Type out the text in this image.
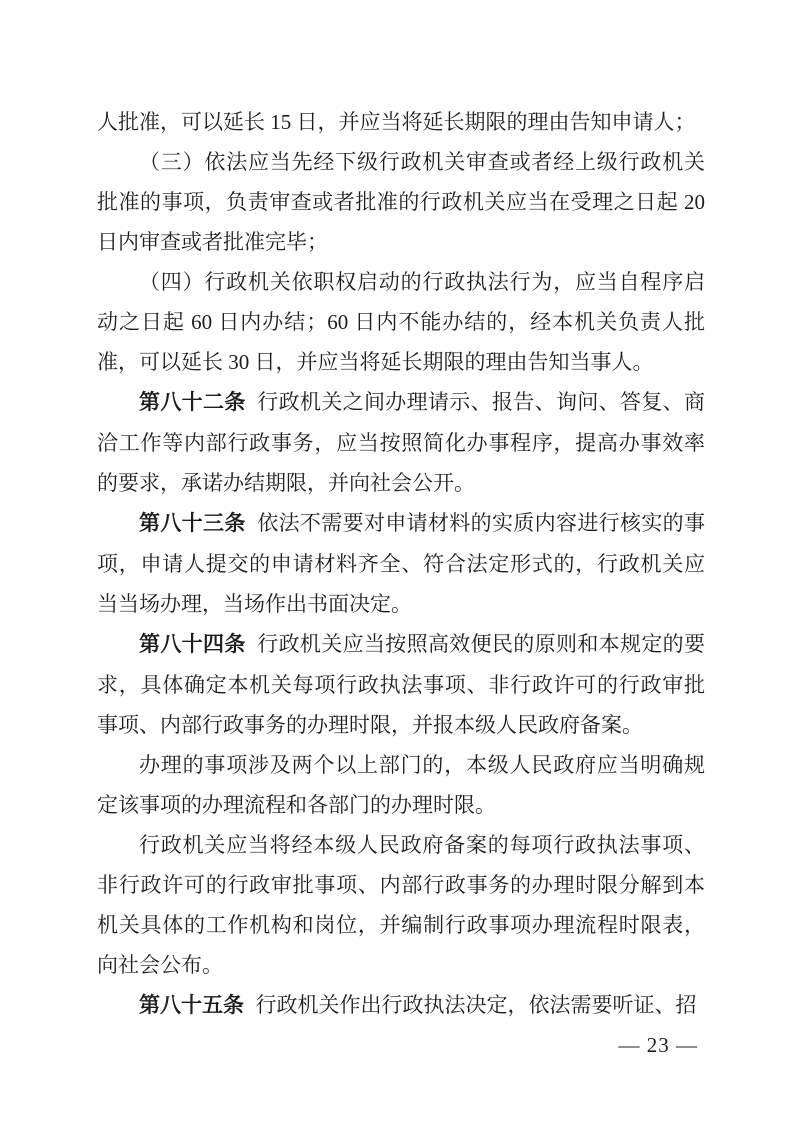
人批准，可以延长 15 日，并应当将延长期限的理由告知申请人；

（三）依法应当先经下级行政机关审查或者经上级行政机关批准的事项，负责审查或者批准的行政机关应当在受理之日起 20 日内审查或者批准完毕；

（四）行政机关依职权启动的行政执法行为，应当自程序启动之日起 60 日内办结；60 日内不能办结的，经本机关负责人批准，可以延长 30 日，并应当将延长期限的理由告知当事人。

第八十二条 行政机关之间办理请示、报告、询问、答复、商洽工作等内部行政事务，应当按照简化办事程序，提高办事效率的要求，承诺办结期限，并向社会公开。

第八十三条 依法不需要对申请材料的实质内容进行核实的事项，申请人提交的申请材料齐全、符合法定形式的，行政机关应当当场办理，当场作出书面决定。

第八十四条 行政机关应当按照高效便民的原则和本规定的要求，具体确定本机关每项行政执法事项、非行政许可的行政审批事项、内部行政事务的办理时限，并报本级人民政府备案。

办理的事项涉及两个以上部门的，本级人民政府应当明确规定该事项的办理流程和各部门的办理时限。

行政机关应当将经本级人民政府备案的每项行政执法事项、非行政许可的行政审批事项、内部行政事务的办理时限分解到本机关具体的工作机构和岗位，并编制行政事项办理流程时限表，向社会公布。

第八十五条 行政机关作出行政执法决定，依法需要听证、招

— 23 —
